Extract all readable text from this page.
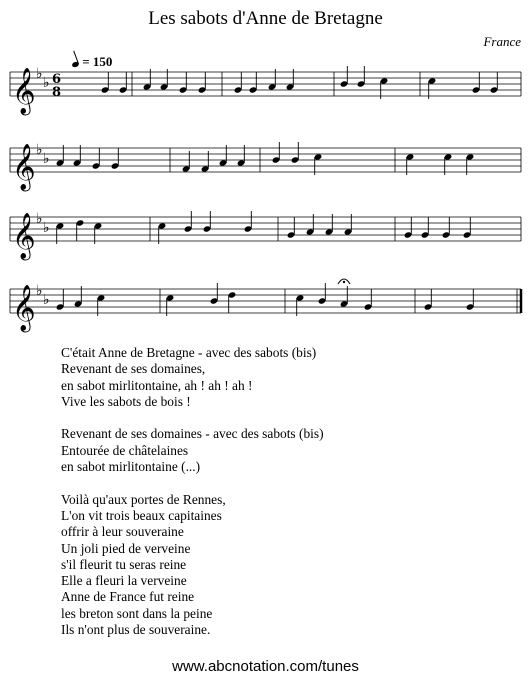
Les sabots d'Anne de Bretagne
France
= 150
𝄞 ♭
♭
𝄞 ♭
♭
𝄞 ♭
♭
𝄞 ♭
♭
6
8
C'était Anne de Bretagne - avec des sabots (bis)
Revenant de ses domaines,
en sabot mirlitontaine, ah ! ah ! ah !
Vive les sabots de bois !
Revenant de ses domaines - avec des sabots (bis)
Entourée de châtelaines
en sabot mirlitontaine (...)
Voilà qu'aux portes de Rennes,
L'on vit trois beaux capitaines
offrir à leur souveraine
Un joli pied de verveine
s'il fleurit tu seras reine
Elle a fleuri la verveine
Anne de France fut reine
les breton sont dans la peine
Ils n'ont plus de souveraine.
www.abcnotation.com/tunes
